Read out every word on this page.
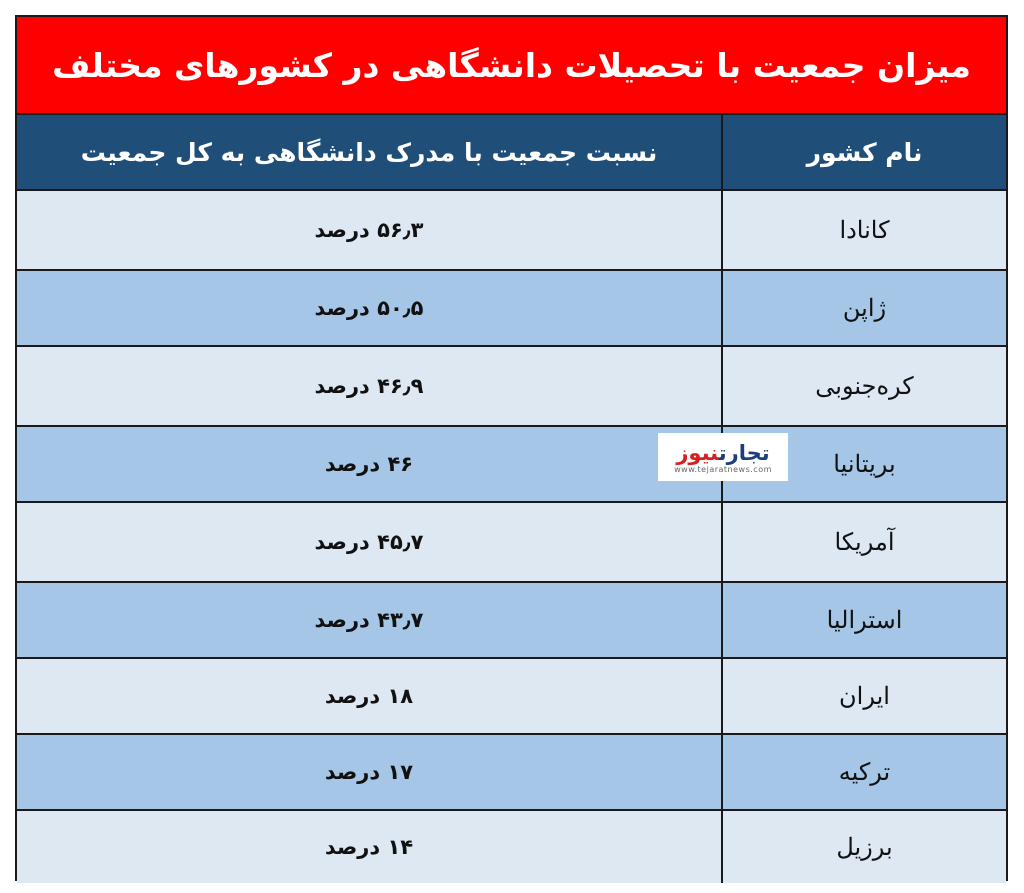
میزان جمعیت با تحصیلات دانشگاهی در کشورهای مختلف
نسبت جمعیت با مدرک دانشگاهی به کل جمعیت	نام کشور
۵۶٫۳ درصد	کانادا
۵۰٫۵ درصد	ژاپن
۴۶٫۹ درصد	کره‌جنوبی
۴۶ درصد	بریتانیا
۴۵٫۷ درصد	آمریکا
۴۳٫۷ درصد	استرالیا
۱۸ درصد	ایران
۱۷ درصد	ترکیه
۱۴ درصد	برزیل
تجارتنیوز
www.tejaratnews.com
